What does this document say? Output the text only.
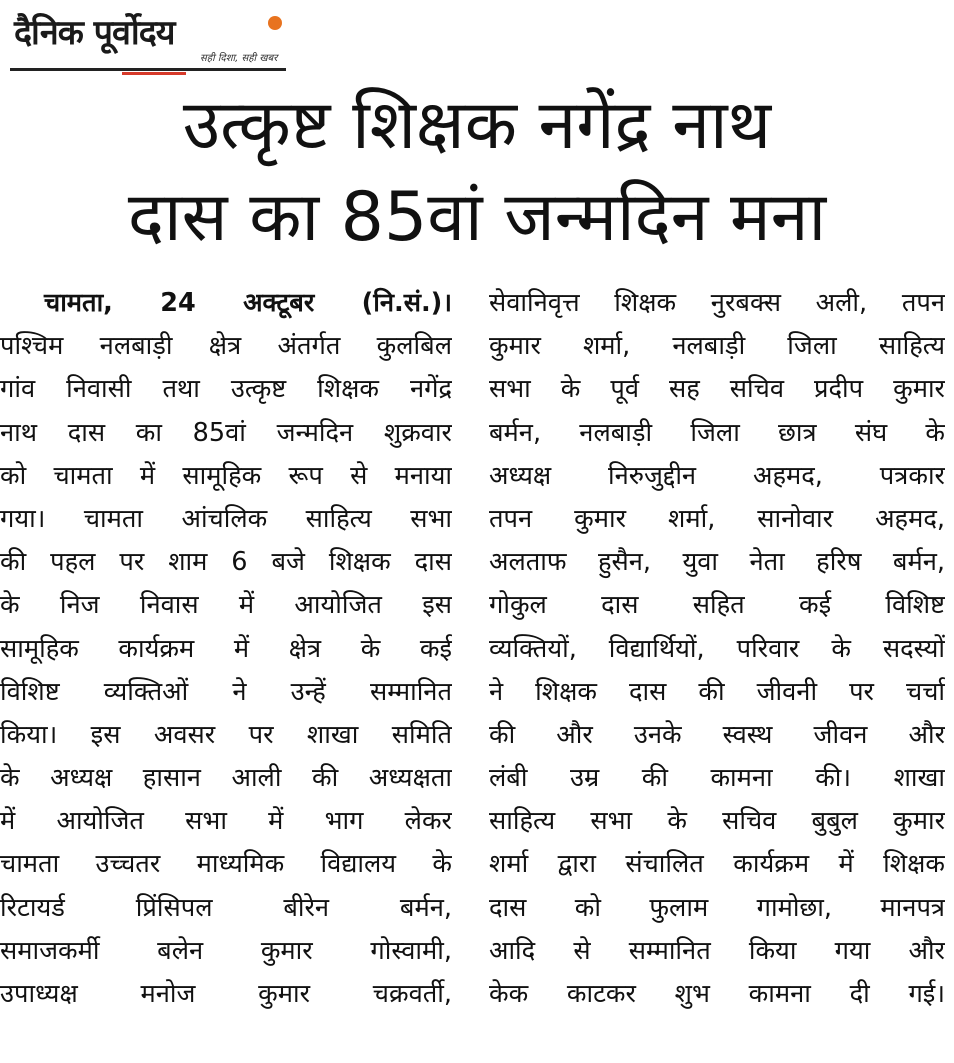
दैनिक पूर्वोदय
सही दिशा, सही खबर
उत्कृष्ट शिक्षक नगेंद्र नाथ
दास का 85वां जन्मदिन मना
चामता, 24 अक्टूबर (नि.सं.)।
पश्चिम नलबाड़ी क्षेत्र अंतर्गत कुलबिल
गांव निवासी तथा उत्कृष्ट शिक्षक नगेंद्र
नाथ दास का 85वां जन्मदिन शुक्रवार
को चामता में सामूहिक रूप से मनाया
गया। चामता आंचलिक साहित्य सभा
की पहल पर शाम 6 बजे शिक्षक दास
के निज निवास में आयोजित इस
सामूहिक कार्यक्रम में क्षेत्र के कई
विशिष्ट व्यक्तिओं ने उन्हें सम्मानित
किया। इस अवसर पर शाखा समिति
के अध्यक्ष हासान आली की अध्यक्षता
में आयोजित सभा में भाग लेकर
चामता उच्चतर माध्यमिक विद्यालय के
रिटायर्ड प्रिंसिपल बीरेन बर्मन,
समाजकर्मी बलेन कुमार गोस्वामी,
उपाध्यक्ष मनोज कुमार चक्रवर्ती,
सेवानिवृत्त शिक्षक नुरबक्स अली, तपन
कुमार शर्मा, नलबाड़ी जिला साहित्य
सभा के पूर्व सह सचिव प्रदीप कुमार
बर्मन, नलबाड़ी जिला छात्र संघ के
अध्यक्ष निरुजुद्दीन अहमद, पत्रकार
तपन कुमार शर्मा, सानोवार अहमद,
अलताफ हुसैन, युवा नेता हरिष बर्मन,
गोकुल दास सहित कई विशिष्ट
व्यक्तियों, विद्यार्थियों, परिवार के सदस्यों
ने शिक्षक दास की जीवनी पर चर्चा
की और उनके स्वस्थ जीवन और
लंबी उम्र की कामना की। शाखा
साहित्य सभा के सचिव बुबुल कुमार
शर्मा द्वारा संचालित कार्यक्रम में शिक्षक
दास को फुलाम गामोछा, मानपत्र
आदि से सम्मानित किया गया और
केक काटकर शुभ कामना दी गई।
